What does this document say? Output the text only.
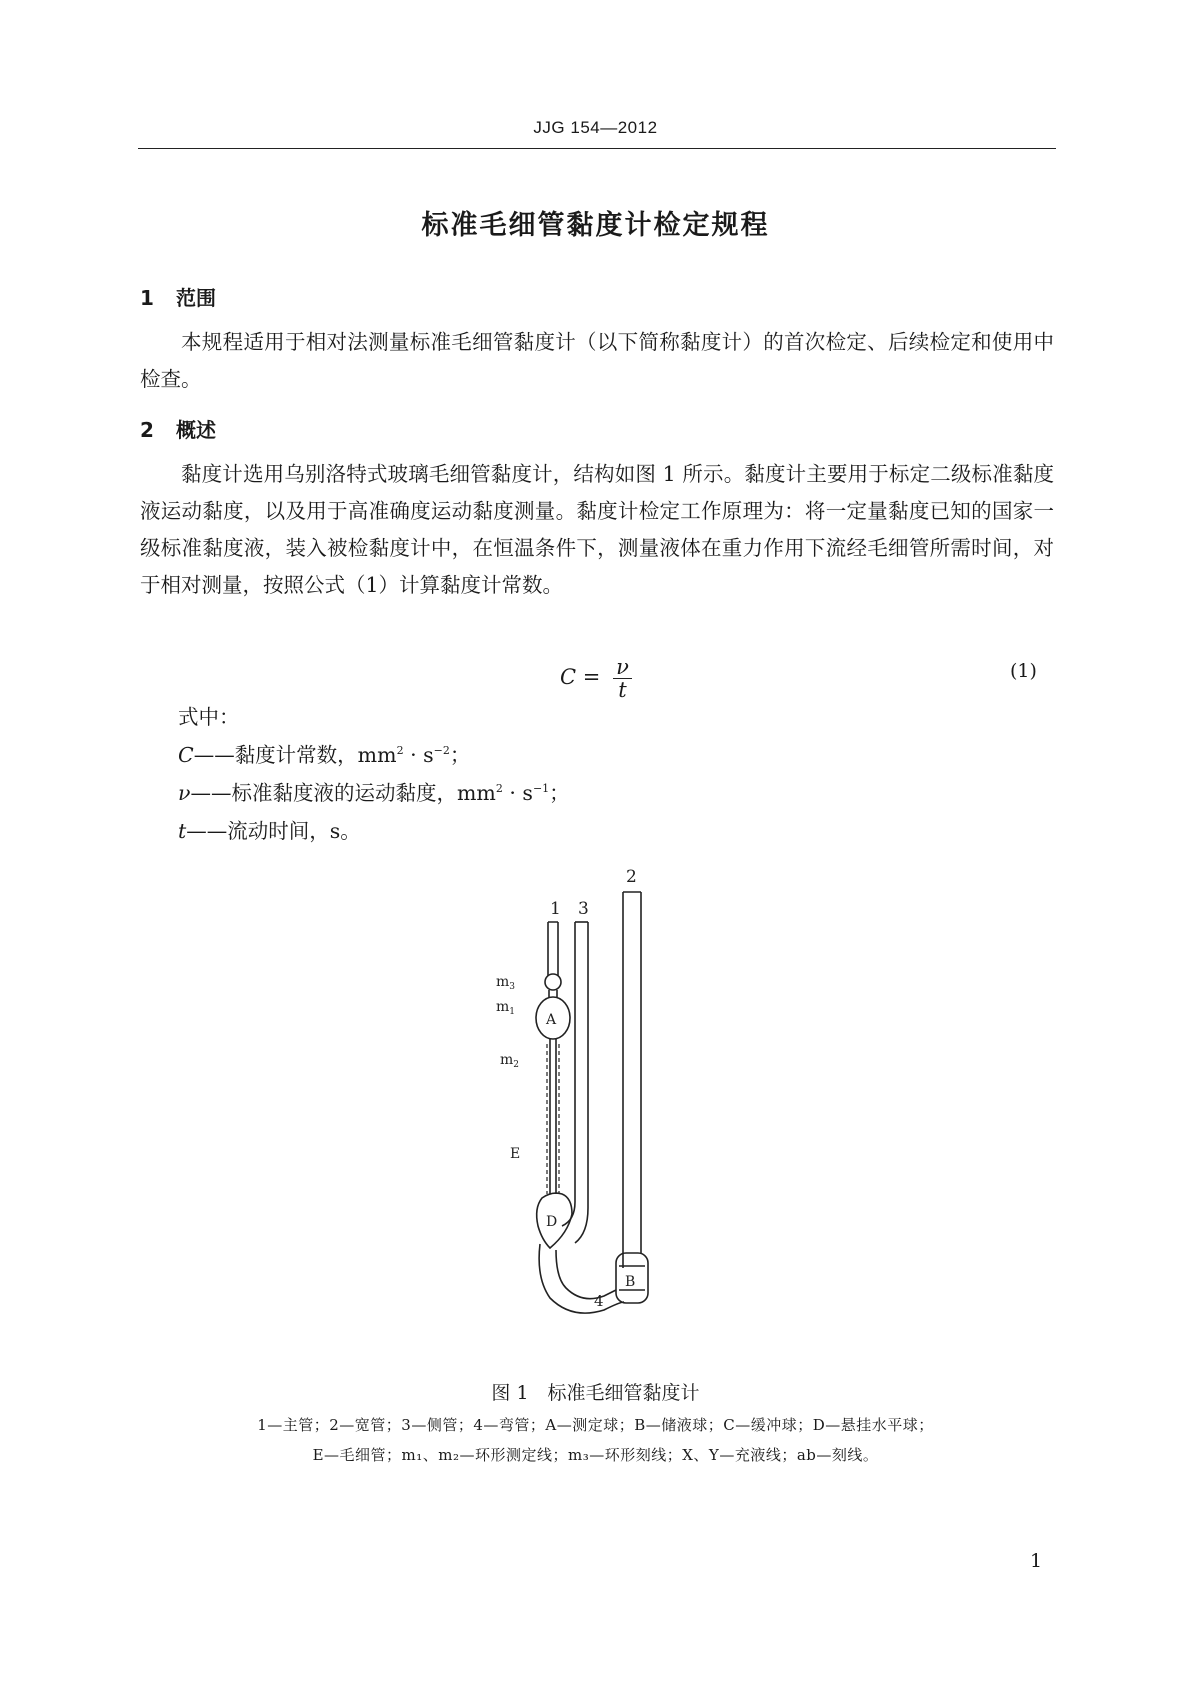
JJG 154—2012
标准毛细管黏度计检定规程
1 范围

本规程适用于相对法测量标准毛细管黏度计（以下简称黏度计）的首次检定、后续检定和使用中检查。

2 概述

黏度计选用乌别洛特式玻璃毛细管黏度计，结构如图 1 所示。黏度计主要用于标定二级标准黏度液运动黏度，以及用于高准确度运动黏度测量。黏度计检定工作原理为：将一定量黏度已知的国家一级标准黏度液，装入被检黏度计中，在恒温条件下，测量液体在重力作用下流经毛细管所需时间，对于相对测量，按照公式（1）计算黏度计常数。

$C = \frac{\nu}{t}$	(1)
式中：
C——黏度计常数，$mm^2 \cdot s^{-2}$；
ν——标准黏度液的运动黏度，$mm^2 \cdot s^{-1}$；
t——流动时间，s。
1 3
2
$m_3$
$m_1$
$m_2$
A
E
D
B
4
图 1　标准毛细管黏度计
1—主管；2—宽管；3—侧管；4—弯管；A—测定球；B—储液球；C—缓冲球；D—悬挂水平球；
E—毛细管；m₁、m₂—环形测定线；m₃—环形刻线；X、Y—充液线；ab—刻线。
1
